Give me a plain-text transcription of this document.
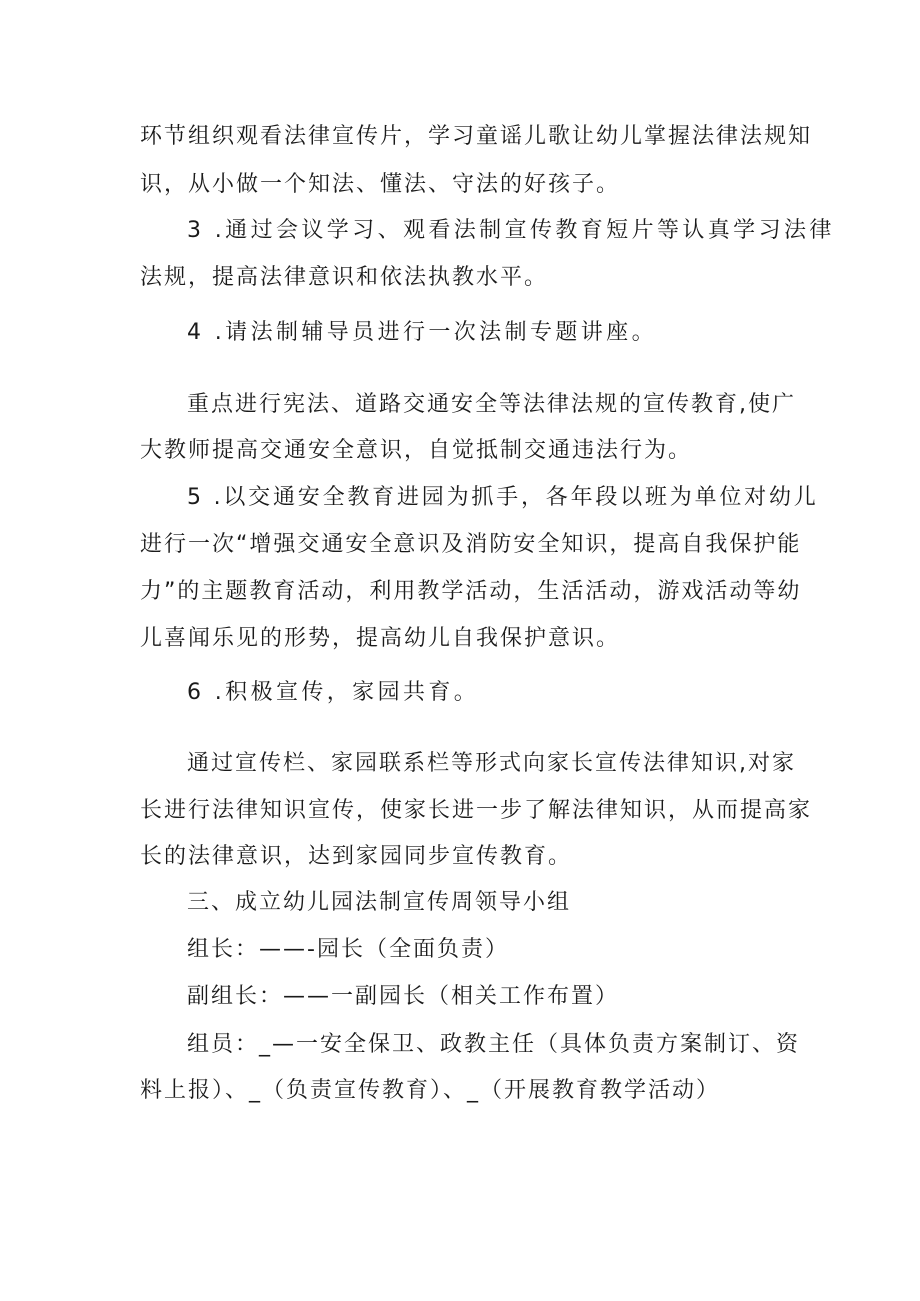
环节组织观看法律宣传片，学习童谣儿歌让幼儿掌握法律法规知
识，从小做一个知法、懂法、守法的好孩子。
3 .通过会议学习、观看法制宣传教育短片等认真学习法律
法规，提高法律意识和依法执教水平。
4 .请法制辅导员进行一次法制专题讲座。
重点进行宪法、道路交通安全等法律法规的宣传教育,使广
大教师提高交通安全意识，自觉抵制交通违法行为。
5 .以交通安全教育进园为抓手，各年段以班为单位对幼儿
进行一次“增强交通安全意识及消防安全知识，提高自我保护能
力”的主题教育活动，利用教学活动，生活活动，游戏活动等幼
儿喜闻乐见的形势，提高幼儿自我保护意识。
6 .积极宣传，家园共育。
通过宣传栏、家园联系栏等形式向家长宣传法律知识,对家
长进行法律知识宣传，使家长进一步了解法律知识，从而提高家
长的法律意识，达到家园同步宣传教育。
三、成立幼儿园法制宣传周领导小组
组长：——-园长（全面负责）
副组长：——一副园长（相关工作布置）
组员：_—一安全保卫、政教主任（具体负责方案制订、资
料上报）、_（负责宣传教育）、_（开展教育教学活动）
